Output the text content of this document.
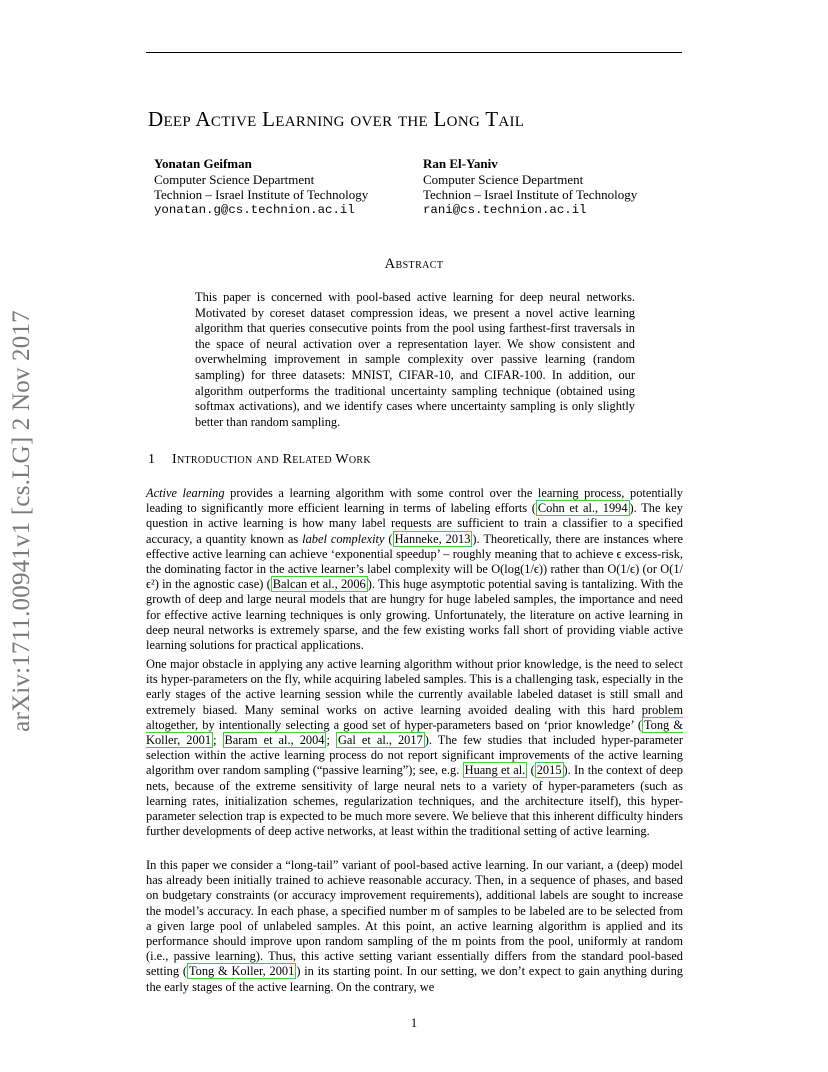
arXiv:1711.00941v1 [cs.LG] 2 Nov 2017
Deep Active Learning over the Long Tail
Yonatan Geifman
Computer Science Department
Technion – Israel Institute of Technology
yonatan.g@cs.technion.ac.il
Ran El-Yaniv
Computer Science Department
Technion – Israel Institute of Technology
rani@cs.technion.ac.il
Abstract
This paper is concerned with pool-based active learning for deep neural networks. Motivated by coreset dataset compression ideas, we present a novel active learning algorithm that queries consecutive points from the pool using farthest-first traversals in the space of neural activation over a representation layer. We show consistent and overwhelming improvement in sample complexity over passive learning (random sampling) for three datasets: MNIST, CIFAR-10, and CIFAR-100. In addition, our algorithm outperforms the traditional uncertainty sampling technique (obtained using softmax activations), and we identify cases where uncertainty sampling is only slightly better than random sampling.
1 Introduction and Related Work
Active learning provides a learning algorithm with some control over the learning process, potentially leading to significantly more efficient learning in terms of labeling efforts ( Cohn et al., 1994 ). The key question in active learning is how many label requests are sufficient to train a classifier to a specified accuracy, a quantity known as label complexity ( Hanneke, 2013 ). Theoretically, there are instances where effective active learning can achieve ‘exponential speedup’ – roughly meaning that to achieve ϵ excess-risk, the dominating factor in the active learner’s label complexity will be O(log(1/ϵ)) rather than O(1/ϵ) (or O(1/ϵ²) in the agnostic case) ( Balcan et al., 2006 ). This huge asymptotic potential saving is tantalizing. With the growth of deep and large neural models that are hungry for huge labeled samples, the importance and need for effective active learning techniques is only growing. Unfortunately, the literature on active learning in deep neural networks is extremely sparse, and the few existing works fall short of providing viable active learning solutions for practical applications.
One major obstacle in applying any active learning algorithm without prior knowledge, is the need to select its hyper-parameters on the fly, while acquiring labeled samples. This is a challenging task, especially in the early stages of the active learning session while the currently available labeled dataset is still small and extremely biased. Many seminal works on active learning avoided dealing with this hard problem altogether, by intentionally selecting a good set of hyper-parameters based on ‘prior knowledge’ ( Tong & Koller, 2001 ; Baram et al., 2004 ; Gal et al., 2017 ). The few studies that included hyper-parameter selection within the active learning process do not report significant improvements of the active learning algorithm over random sampling (“passive learning”); see, e.g. Huang et al. ( 2015 ). In the context of deep nets, because of the extreme sensitivity of large neural nets to a variety of hyper-parameters (such as learning rates, initialization schemes, regularization techniques, and the architecture itself), this hyper-parameter selection trap is expected to be much more severe. We believe that this inherent difficulty hinders further developments of deep active networks, at least within the traditional setting of active learning.
In this paper we consider a “long-tail” variant of pool-based active learning. In our variant, a (deep) model has already been initially trained to achieve reasonable accuracy. Then, in a sequence of phases, and based on budgetary constraints (or accuracy improvement requirements), additional labels are sought to increase the model’s accuracy. In each phase, a specified number m of samples to be labeled are to be selected from a given large pool of unlabeled samples. At this point, an active learning algorithm is applied and its performance should improve upon random sampling of the m points from the pool, uniformly at random (i.e., passive learning). Thus, this active setting variant essentially differs from the standard pool-based setting ( Tong & Koller, 2001 ) in its starting point. In our setting, we don’t expect to gain anything during the early stages of the active learning. On the contrary, we
1
